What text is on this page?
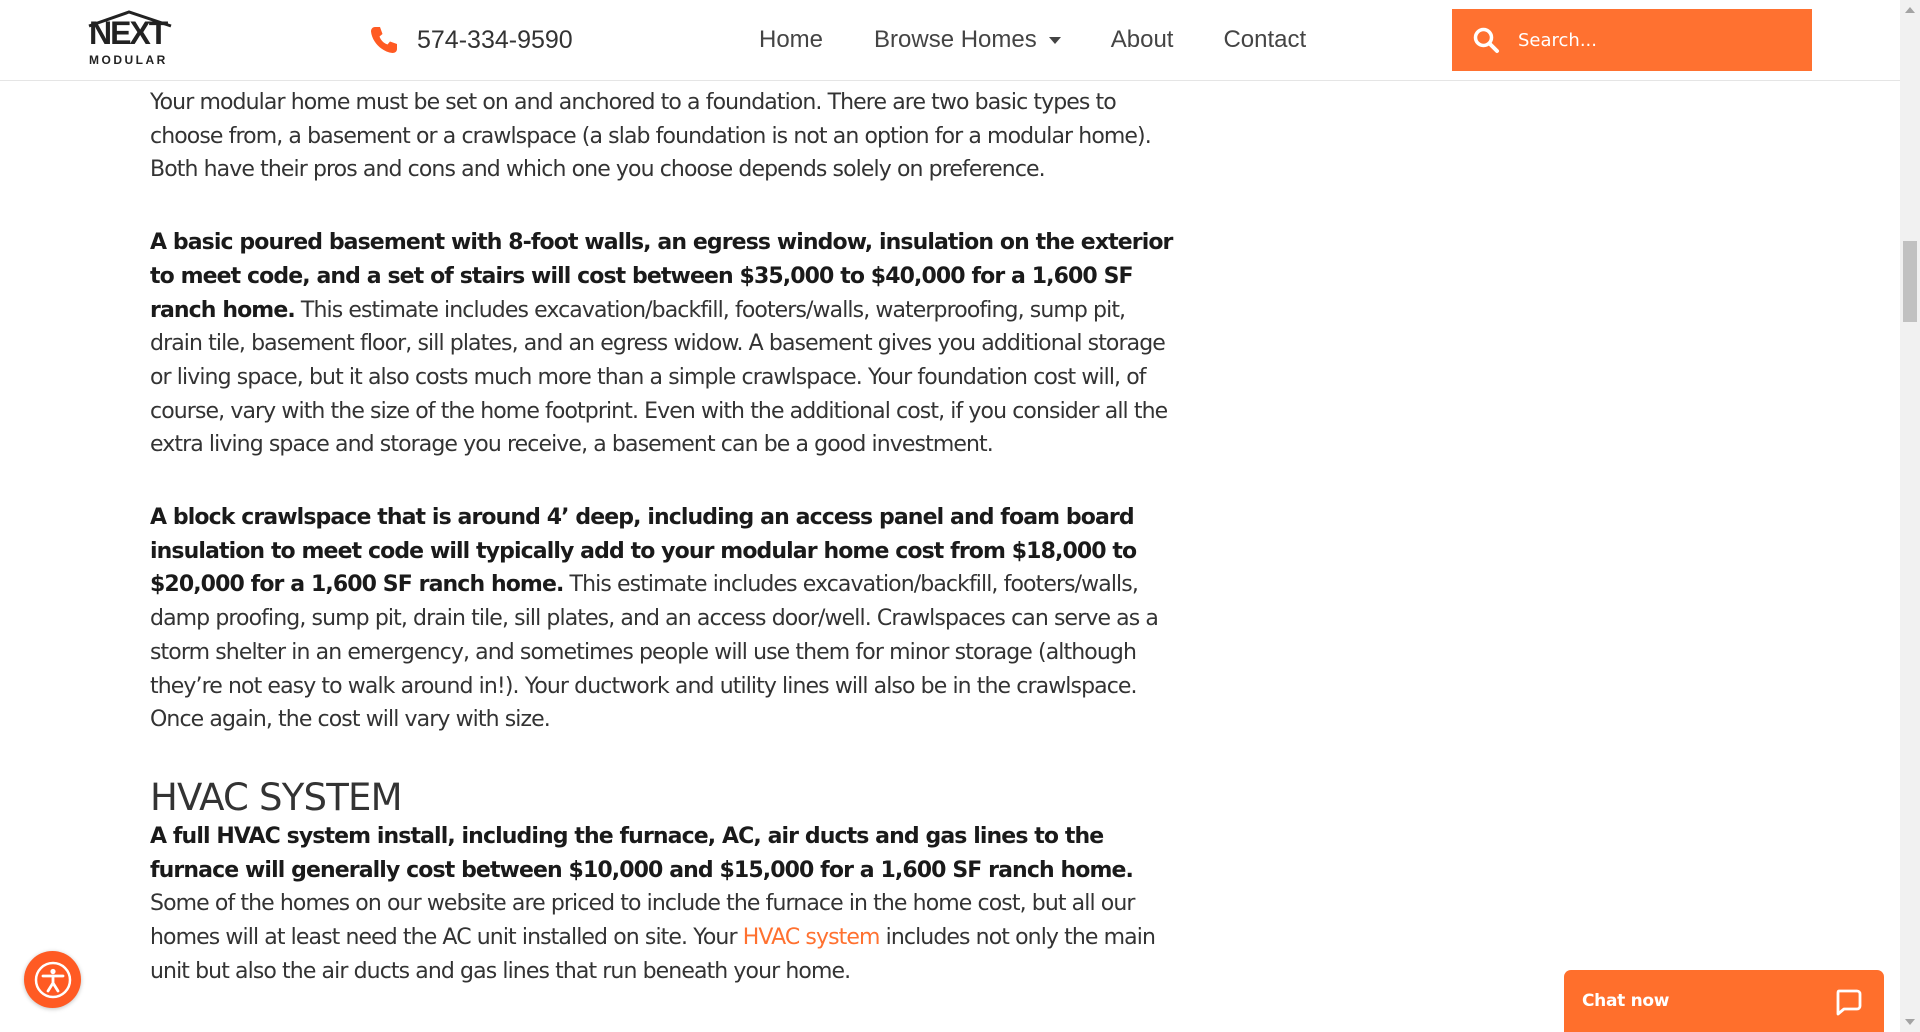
NEXT
MODULAR
574-334-9590	Home Browse Homes	About Contact
Search...

Your modular home must be set on and anchored to a foundation. There are two basic types to choose from, a basement or a crawlspace (a slab foundation is not an option for a modular home). Both have their pros and cons and which one you choose depends solely on preference.

A basic poured basement with 8-foot walls, an egress window, insulation on the exterior to meet code, and a set of stairs will cost between $35,000 to $40,000 for a 1,600 SF ranch home. This estimate includes excavation/backfill, footers/walls, waterproofing, sump pit, drain tile, basement floor, sill plates, and an egress widow. A basement gives you additional storage or living space, but it also costs much more than a simple crawlspace. Your foundation cost will, of course, vary with the size of the home footprint. Even with the additional cost, if you consider all the extra living space and storage you receive, a basement can be a good investment.

A block crawlspace that is around 4’ deep, including an access panel and foam board insulation to meet code will typically add to your modular home cost from $18,000 to $20,000 for a 1,600 SF ranch home. This estimate includes excavation/backfill, footers/walls, damp proofing, sump pit, drain tile, sill plates, and an access door/well. Crawlspaces can serve as a storm shelter in an emergency, and sometimes people will use them for minor storage (although they’re not easy to walk around in!). Your ductwork and utility lines will also be in the crawlspace. Once again, the cost will vary with size.

HVAC SYSTEM

A full HVAC system install, including the furnace, AC, air ducts and gas lines to the furnace will generally cost between $10,000 and $15,000 for a 1,600 SF ranch home. Some of the homes on our website are priced to include the furnace in the home cost, but all our homes will at least need the AC unit installed on site. Your HVAC system includes not only the main unit but also the air ducts and gas lines that run beneath your home.

Chat now
